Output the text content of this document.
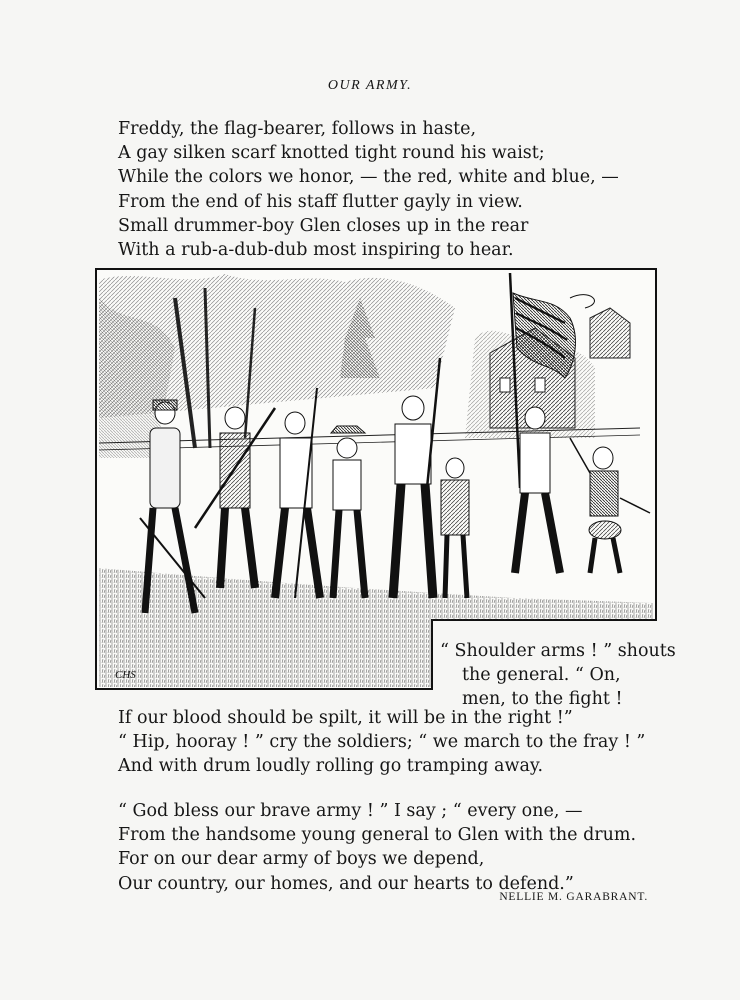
OUR ARMY.
Freddy, the flag-bearer, follows in haste,
A gay silken scarf knotted tight round his waist;
While the colors we honor, — the red, white and blue, —
From the end of his staff flutter gayly in view.
Small drummer-boy Glen closes up in the rear
With a rub-a-dub-dub most inspiring to hear.
CHS
“ Shoulder arms ! ” shouts
the general. “ On,
men, to the fight !
If our blood should be spilt, it will be in the right !”
“ Hip, hooray ! ” cry the soldiers; “ we march to the fray ! ”
And with drum loudly rolling go tramping away.
“ God bless our brave army ! ” I say ; “ every one, —
From the handsome young general to Glen with the drum.
For on our dear army of boys we depend,
Our country, our homes, and our hearts to defend.”
NELLIE M. GARABRANT.
